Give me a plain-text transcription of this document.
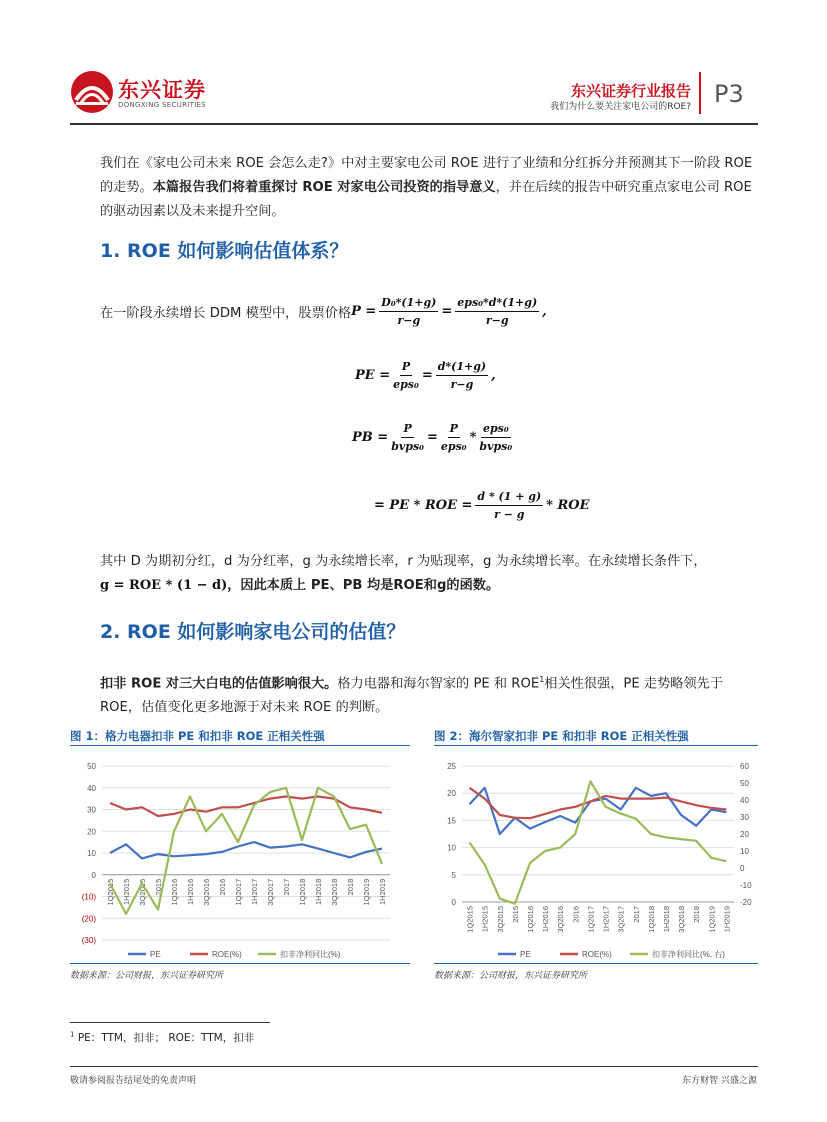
东兴证券
DONGXING SECURITIES
东兴证券行业报告
我们为什么要关注家电公司的ROE? P3
我们在《家电公司未来 ROE 会怎么走?》中对主要家电公司 ROE 进行了业绩和分红拆分并预测其下一阶段 ROE 的走势。本篇报告我们将着重探讨 ROE 对家电公司投资的指导意义，并在后续的报告中研究重点家电公司 ROE 的驱动因素以及未来提升空间。
1. ROE 如何影响估值体系？
在一阶段永续增长 DDM 模型中，股票价格 $P = \frac{\text{D₀*(1+g)}}{r-g} = \frac{\text{eps₀*d*(1+g)}}{r-g}$ ,
PE = $\frac{P}{\text{eps₀}} = \frac{d*(1+g)}{r-g}$ ,
PB = $\frac{P}{\text{bvps₀}} = \frac{P}{\text{eps₀}} * \frac{\text{eps₀}}{\text{bvps₀}}$
= PE * ROE = $\frac{d * (1 + g)}{r - g}$ * ROE
其中 D 为期初分红，d 为分红率，g 为永续增长率，r 为贴现率，g 为永续增长率。在永续增长条件下，
g = ROE * (1 − d)，因此本质上 PE、PB 均是ROE和g的函数。
2. ROE 如何影响家电公司的估值？
扣非 ROE 对三大白电的估值影响很大。格力电器和海尔智家的 PE 和 ROE$^1$相关性很强，PE 走势略领先于 ROE，估值变化更多地源于对未来 ROE 的判断。
图 1：格力电器扣非 PE 和扣非 ROE 正相关性强
50
40
30
20
10
0
(10)
(20)
(30)
1Q2015 1H2015 3Q2015 2015 1Q2016 1H2016 3Q2016 2016 1Q2017 1H2017 3Q2017 2017 1Q2018 1H2018 3Q2018 2018 1Q2019 1H2019
PE	ROE(%)	扣非净利同比(%)
数据来源：公司财报，东兴证券研究所
图 2：海尔智家扣非 PE 和扣非 ROE 正相关性强
25
20
15
10
5
0
60
50
40
30
20
10
0
-10
-20
1Q2015 1H2015 3Q2015 2015 1Q2016 1H2016 3Q2016 2016 1Q2017 1H2017 3Q2017 2017 1Q2018 1H2018 3Q2018 2018 1Q2019 1H2019
PE	ROE(%)	扣非净利同比(%, 右)
数据来源：公司财报，东兴证券研究所
$^1$ PE：TTM，扣非； ROE：TTM，扣非
敬请参阅报告结尾处的免责声明	东方财智 兴盛之源
